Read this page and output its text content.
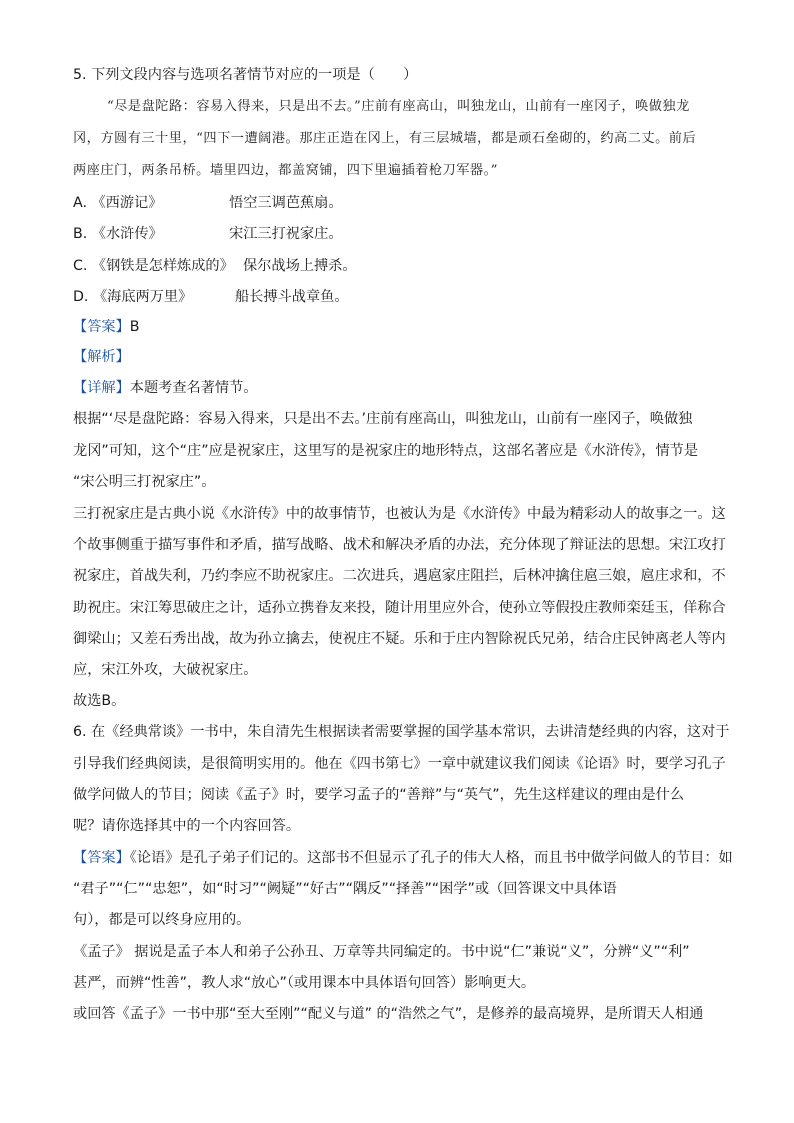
5. 下列文段内容与选项名著情节对应的一项是（　　）
“尽是盘陀路：容易入得来，只是出不去。”庄前有座高山，叫独龙山，山前有一座冈子，唤做独龙
冈，方圆有三十里，“四下一遭阔港。那庄正造在冈上，有三层城墙，都是顽石垒砌的，约高二丈。前后
两座庄门，两条吊桥。墙里四边，都盖窝铺，四下里遍插着枪刀军器。”
A. 《西游记》	悟空三调芭蕉扇。
B. 《水浒传》	宋江三打祝家庄。
C. 《钢铁是怎样炼成的》 保尔战场上搏杀。
D. 《海底两万里》	船长搏斗战章鱼。
【答案】B
【解析】
【详解】本题考查名著情节。
根据“‘尽是盘陀路：容易入得来，只是出不去。’庄前有座高山，叫独龙山，山前有一座冈子，唤做独
龙冈”可知，这个“庄”应是祝家庄，这里写的是祝家庄的地形特点，这部名著应是《水浒传》，情节是
“宋公明三打祝家庄”。
三打祝家庄是古典小说《水浒传》中的故事情节，也被认为是《水浒传》中最为精彩动人的故事之一。这
个故事侧重于描写事件和矛盾，描写战略、战术和解决矛盾的办法，充分体现了辩证法的思想。宋江攻打
祝家庄，首战失利，乃约李应不助祝家庄。二次进兵，遇扈家庄阻拦，后林冲擒住扈三娘，扈庄求和，不
助祝庄。宋江筹思破庄之计，适孙立携眷友来投，随计用里应外合，使孙立等假投庄教师栾廷玉，佯称合
御梁山；又差石秀出战，故为孙立擒去，使祝庄不疑。乐和于庄内智除祝氏兄弟，结合庄民钟离老人等内
应，宋江外攻，大破祝家庄。
故选B。
6. 在《经典常谈》一书中，朱自清先生根据读者需要掌握的国学基本常识，去讲清楚经典的内容，这对于
引导我们经典阅读，是很简明实用的。他在《四书第七》一章中就建议我们阅读《论语》时，要学习孔子
做学问做人的节目；阅读《孟子》时，要学习孟子的“善辩”与“英气”，先生这样建议的理由是什么
呢？请你选择其中的一个内容回答。
【答案】《论语》是孔子弟子们记的。这部书不但显示了孔子的伟大人格，而且书中做学问做人的节目：如
“君子”“仁”“忠恕”，如“时习”“阙疑”“好古”“隅反”“择善”“困学”或（回答课文中具体语
句），都是可以终身应用的。
《孟子》 据说是孟子本人和弟子公孙丑、万章等共同编定的。书中说“仁”兼说“义”，分辨“义”“利”
甚严，而辨“性善”，教人求“放心”（或用课本中具体语句回答）影响更大。
或回答《孟子》一书中那“至大至刚”“配义与道” 的“浩然之气”，是修养的最高境界，是所谓天人相通
